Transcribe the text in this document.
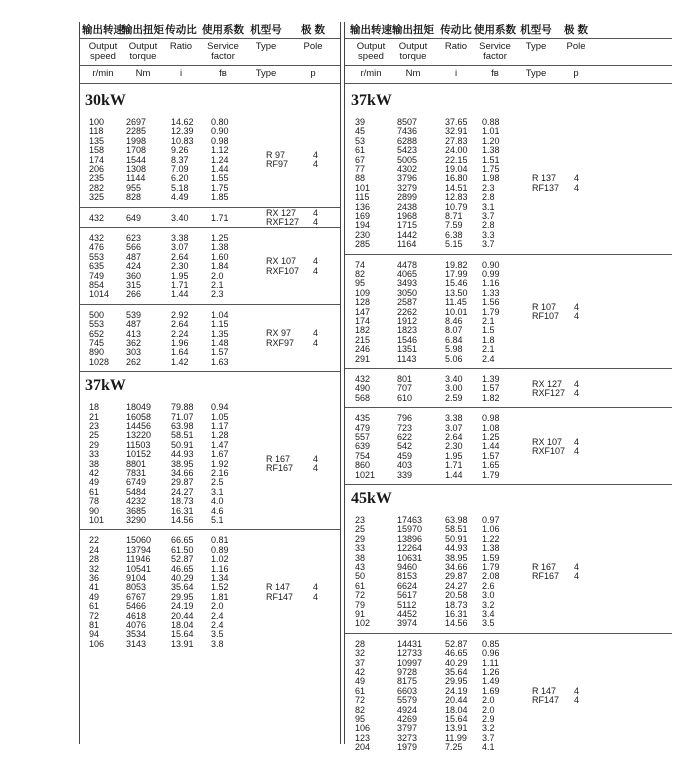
输出转速
Output
speed
r/min
输出扭矩
Output
torque
Nm
传动比
Ratio
i
使用系数
Service
factor
fʙ
机型号
Type
Type
极 数
Pole
p
30kW
100
118
135
158
174
206
235
282
325
2697
2285
1998
1708
1544
1308
1144
955
828
14.62
12.39
10.83
9.26
8.37
7.09
6.20
5.18
4.49
0.80
0.90
0.98
1.12
1.24
1.44
1.55
1.75
1.85
R 97
RF97
4
4
432 649	3.40 1.71	RX 127
RXF127
4
4
432
476
553
635
749
854
1014
623
566
487
424
360
315
266
3.38
3.07
2.64
2.30
1.95
1.71
1.44
1.25
1.38
1.60
1.84
2.0
2.1
2.3
RX 107
RXF107
4
4
500
553
652
745
890
1028
539
487
413
362
303
262
2.92
2.64
2.24
1.96
1.64
1.42
1.04
1.15
1.35
1.48
1.57
1.63
RX 97
RXF97
4
4
37kW
18
21
23
25
29
33
38
42
49
61
78
90
101
18049
16058
14456
13220
11503
10152
8801
7831
6749
5484
4232
3685
3290
79.88
71.07
63.98
58.51
50.91
44.93
38.95
34.66
29.87
24.27
18.73
16.31
14.56
0.94
1.05
1.17
1.28
1.47
1.67
1.92
2.16
2.5
3.1
4.0
4.6
5.1
R 167
RF167
4
4
22
24
28
32
36
41
49
61
72
81
94
106
15060
13794
11946
10541
9104
8053
6767
5466
4618
4076
3534
3143
66.65
61.50
52.87
46.65
40.29
35.64
29.95
24.19
20.44
18.04
15.64
13.91
0.81
0.89
1.02
1.16
1.34
1.52
1.81
2.0
2.4
2.4
3.5
3.8
R 147
RF147
4
4
输出转速
Output
speed
r/min
输出扭矩
Output
torque
Nm
传动比
Ratio
i
使用系数
Service
factor
fʙ
机型号
Type
Type
极 数
Pole
p
37kW
39
45
53
61
67
77
88
101
115
136
169
194
230
285
8507
7436
6288
5423
5005
4302
3796
3279
2899
2438
1968
1715
1442
1164
37.65
32.91
27.83
24.00
22.15
19.04
16.80
14.51
12.83
10.79
8.71
7.59
6.38
5.15
0.88
1.01
1.20
1.38
1.51
1.75
1.98
2.3
2.8
3.1
3.7
2.8
3.3
3.7
R 137
RF137
4
4
74
82
95
109
128
147
174
182
215
246
291
4478
4065
3493
3050
2587
2262
1912
1823
1546
1351
1143
19.82
17.99
15.46
13.50
11.45
10.01
8.46
8.07
6.84
5.98
5.06
0.90
0.99
1.16
1.33
1.56
1.79
2.1
1.5
1.8
2.1
2.4
R 107
RF107
4
4
432
490
568
801
707
610
3.40
3.00
2.59
1.39
1.57
1.82
RX 127
RXF127
4
4
435
479
557
639
754
860
1021
796
723
622
542
459
403
339
3.38
3.07
2.64
2.30
1.95
1.71
1.44
0.98
1.08
1.25
1.44
1.57
1.65
1.79
RX 107
RXF107
4
4
45kW
23
25
29
33
38
43
50
61
72
79
91
102
17463
15970
13896
12264
10631
9460
8153
6624
5617
5112
4452
3974
63.98
58.51
50.91
44.93
38.95
34.66
29.87
24.27
20.58
18.73
16.31
14.56
0.97
1.06
1.22
1.38
1.59
1.79
2.08
2.6
3.0
3.2
3.4
3.5
R 167
RF167
4
4
28
32
37
42
49
61
72
82
95
106
123
204
14431
12733
10997
9728
8175
6603
5579
4924
4269
3797
3273
1979
52.87
46.65
40.29
35.64
29.95
24.19
20.44
18.04
15.64
13.91
11.99
7.25
0.85
0.96
1.11
1.26
1.49
1.69
2.0
2.0
2.9
3.2
3.7
4.1
R 147
RF147
4
4
